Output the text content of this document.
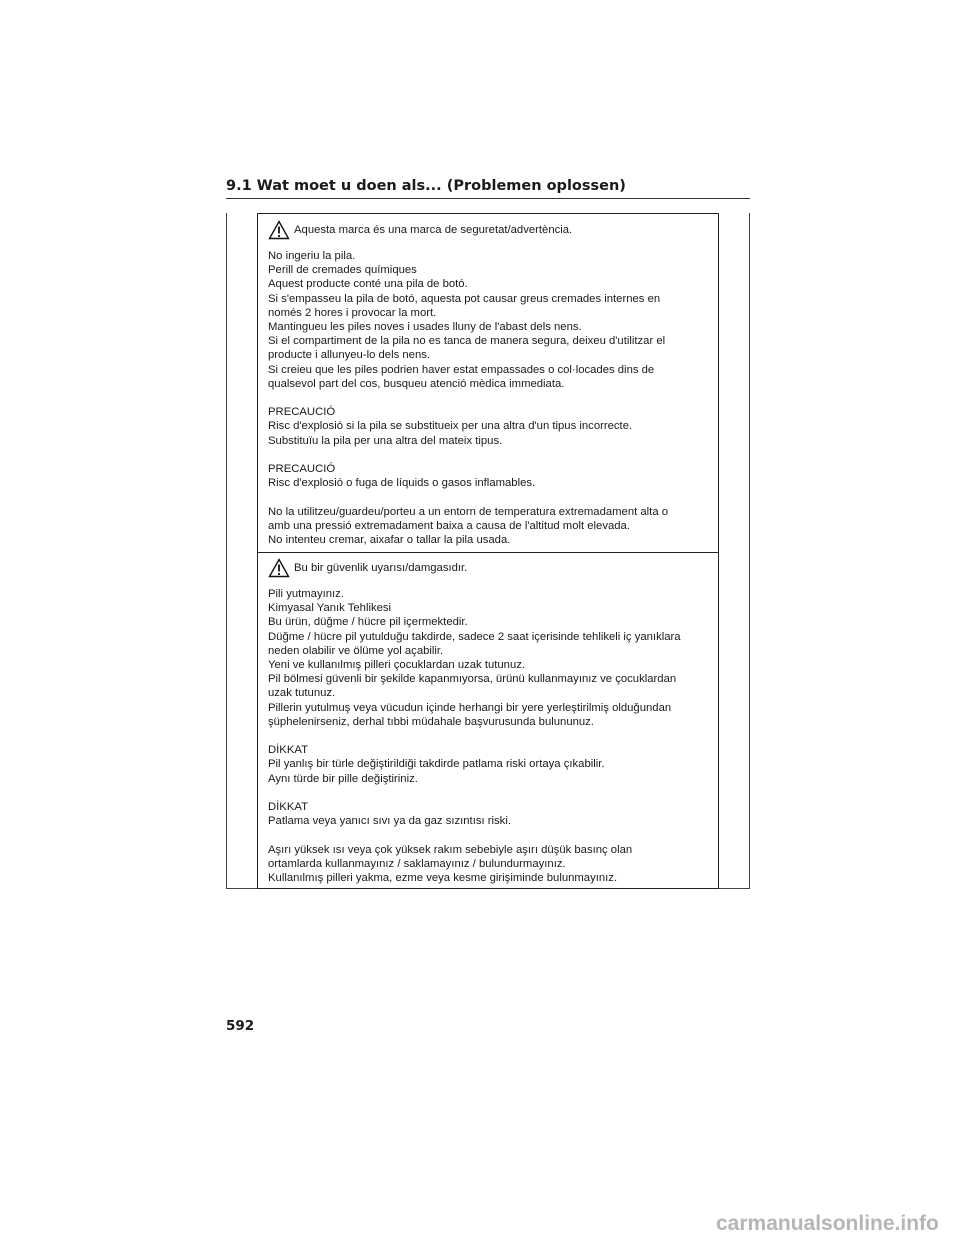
9.1 Wat moet u doen als... (Problemen oplossen)
Aquesta marca és una marca de seguretat/advertència.
No ingeriu la pila.
Perill de cremades químiques
Aquest producte conté una pila de botó.
Si s'empasseu la pila de botó, aquesta pot causar greus cremades internes en
només 2 hores i provocar la mort.
Mantingueu les piles noves i usades lluny de l'abast dels nens.
Si el compartiment de la pila no es tanca de manera segura, deixeu d'utilitzar el
producte i allunyeu-lo dels nens.
Si creieu que les piles podrien haver estat empassades o col·locades dins de
qualsevol part del cos, busqueu atenció mèdica immediata.
PRECAUCIÓ
Risc d'explosió si la pila se substitueix per una altra d'un tipus incorrecte.
Substituïu la pila per una altra del mateix tipus.
PRECAUCIÓ
Risc d'explosió o fuga de líquids o gasos inflamables.
No la utilitzeu/guardeu/porteu a un entorn de temperatura extremadament alta o
amb una pressió extremadament baixa a causa de l'altitud molt elevada.
No intenteu cremar, aixafar o tallar la pila usada.
Bu bir güvenlik uyarısı/damgasıdır.
Pili yutmayınız.
Kimyasal Yanık Tehlikesi
Bu ürün, düğme / hücre pil içermektedir.
Düğme / hücre pil yutulduğu takdirde, sadece 2 saat içerisinde tehlikeli iç yanıklara
neden olabilir ve ölüme yol açabilir.
Yeni ve kullanılmış pilleri çocuklardan uzak tutunuz.
Pil bölmesi güvenli bir şekilde kapanmıyorsa, ürünü kullanmayınız ve çocuklardan
uzak tutunuz.
Pillerin yutulmuş veya vücudun içinde herhangi bir yere yerleştirilmiş olduğundan
şüphelenirseniz, derhal tıbbi müdahale başvurusunda bulununuz.
DİKKAT
Pil yanlış bir türle değiştirildiği takdirde patlama riski ortaya çıkabilir.
Aynı türde bir pille değiştiriniz.
DİKKAT
Patlama veya yanıcı sıvı ya da gaz sızıntısı riski.
Aşırı yüksek ısı veya çok yüksek rakım sebebiyle aşırı düşük basınç olan
ortamlarda kullanmayınız / saklamayınız / bulundurmayınız.
Kullanılmış pilleri yakma, ezme veya kesme girişiminde bulunmayınız.
592
carmanualsonline.info
